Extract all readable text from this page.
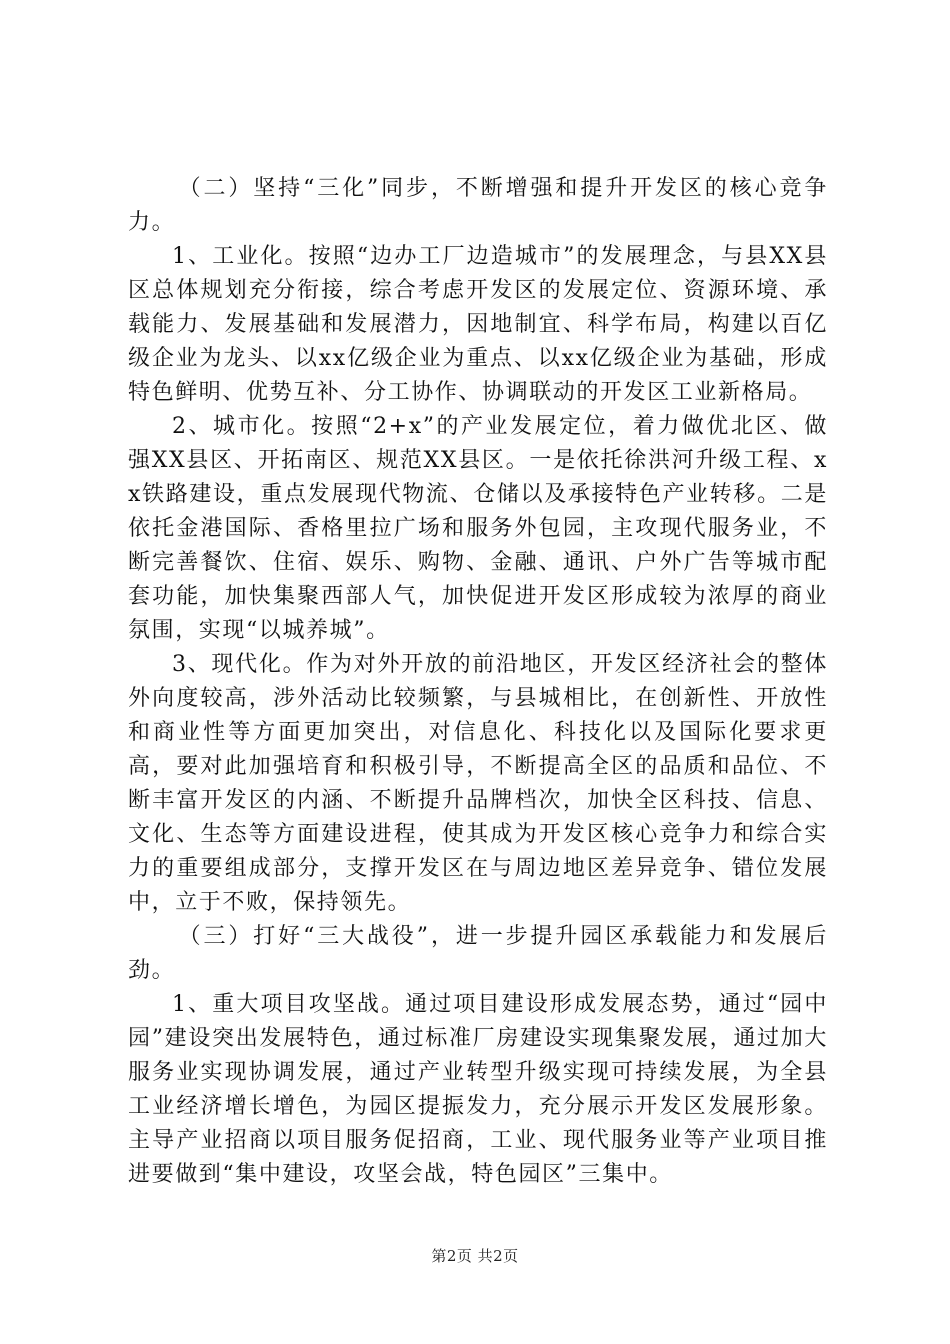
（二）坚持“三化”同步，不断增强和提升开发区的核心竞争力。

1、工业化。按照“边办工厂边造城市”的发展理念，与县XX县区总体规划充分衔接，综合考虑开发区的发展定位、资源环境、承载能力、发展基础和发展潜力，因地制宜、科学布局，构建以百亿级企业为龙头、以xx亿级企业为重点、以xx亿级企业为基础，形成特色鲜明、优势互补、分工协作、协调联动的开发区工业新格局。

2、城市化。按照“2+x”的产业发展定位，着力做优北区、做强XX县区、开拓南区、规范XX县区。一是依托徐洪河升级工程、xx铁路建设，重点发展现代物流、仓储以及承接特色产业转移。二是依托金港国际、香格里拉广场和服务外包园，主攻现代服务业，不断完善餐饮、住宿、娱乐、购物、金融、通讯、户外广告等城市配套功能，加快集聚西部人气，加快促进开发区形成较为浓厚的商业氛围，实现“以城养城”。

3、现代化。作为对外开放的前沿地区，开发区经济社会的整体外向度较高，涉外活动比较频繁，与县城相比，在创新性、开放性和商业性等方面更加突出，对信息化、科技化以及国际化要求更高，要对此加强培育和积极引导，不断提高全区的品质和品位、不断丰富开发区的内涵、不断提升品牌档次，加快全区科技、信息、文化、生态等方面建设进程，使其成为开发区核心竞争力和综合实力的重要组成部分，支撑开发区在与周边地区差异竞争、错位发展中，立于不败，保持领先。

（三）打好“三大战役”，进一步提升园区承载能力和发展后劲。

1、重大项目攻坚战。通过项目建设形成发展态势，通过“园中园”建设突出发展特色，通过标准厂房建设实现集聚发展，通过加大服务业实现协调发展，通过产业转型升级实现可持续发展，为全县工业经济增长增色，为园区提振发力，充分展示开发区发展形象。主导产业招商以项目服务促招商，工业、现代服务业等产业项目推进要做到“集中建设，攻坚会战，特色园区”三集中。

第2页 共2页
